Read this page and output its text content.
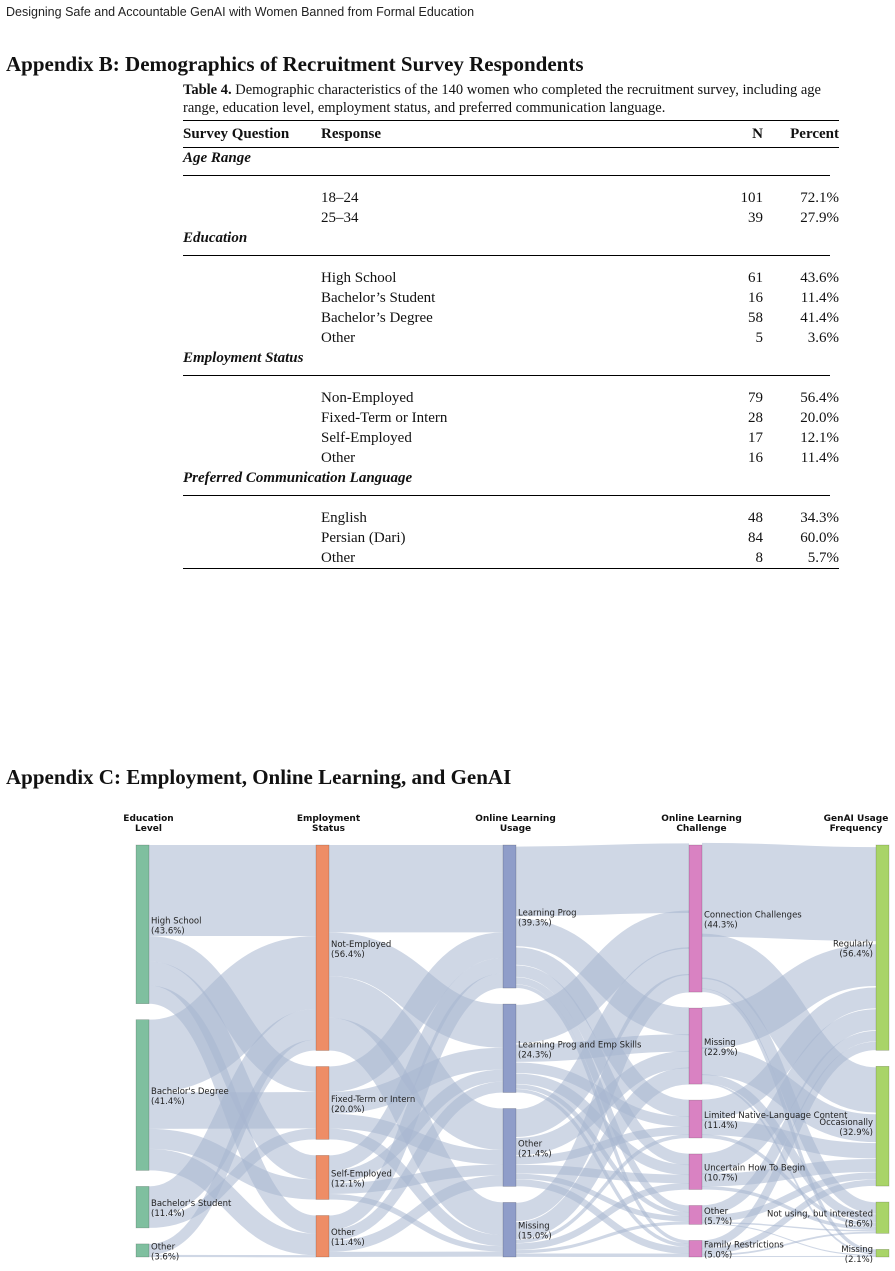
Designing Safe and Accountable GenAI with Women Banned from Formal Education
Appendix B: Demographics of Recruitment Survey Respondents
Table 4. Demographic characteristics of the 140 women who completed the recruitment survey, including age range, education level, employment status, and preferred communication language.
Survey Question	Response	N	Percent
Age Range			

	18–24	101	72.1%
	25–34	39	27.9%
Education			

	High School	61	43.6%
	Bachelor’s Student	16	11.4%
	Bachelor’s Degree	58	41.4%
	Other	5	3.6%
Employment Status			

	Non-Employed	79	56.4%
	Fixed-Term or Intern	28	20.0%
	Self-Employed	17	12.1%
	Other	16	11.4%
Preferred Communication Language			

	English	48	34.3%
	Persian (Dari)	84	60.0%
	Other	8	5.7%
Appendix C: Employment, Online Learning, and GenAI
High School (43.6%)
Bachelor's Degree (41.4%)
Bachelor's Student (11.4%)
Other (3.6%)
Not-Employed (56.4%)
Fixed-Term or Intern (20.0%)
Self-Employed (12.1%)
Other (11.4%)
Learning Prog (39.3%)
Learning Prog and Emp Skills (24.3%)
Other (21.4%)
Missing (15.0%)
Connection Challenges (44.3%)
Missing (22.9%)
Limited Native-Language Content (11.4%)
Uncertain How To Begin (10.7%)
Other (5.7%)
Family Restrictions (5.0%)
Regularly (56.4%)
Occasionally (32.9%)
Not using, but interested (8.6%)
Missing (2.1%)
Education
Level
Employment
Status
Online Learning
Usage
Online Learning
Challenge
GenAI Usage
Frequency
